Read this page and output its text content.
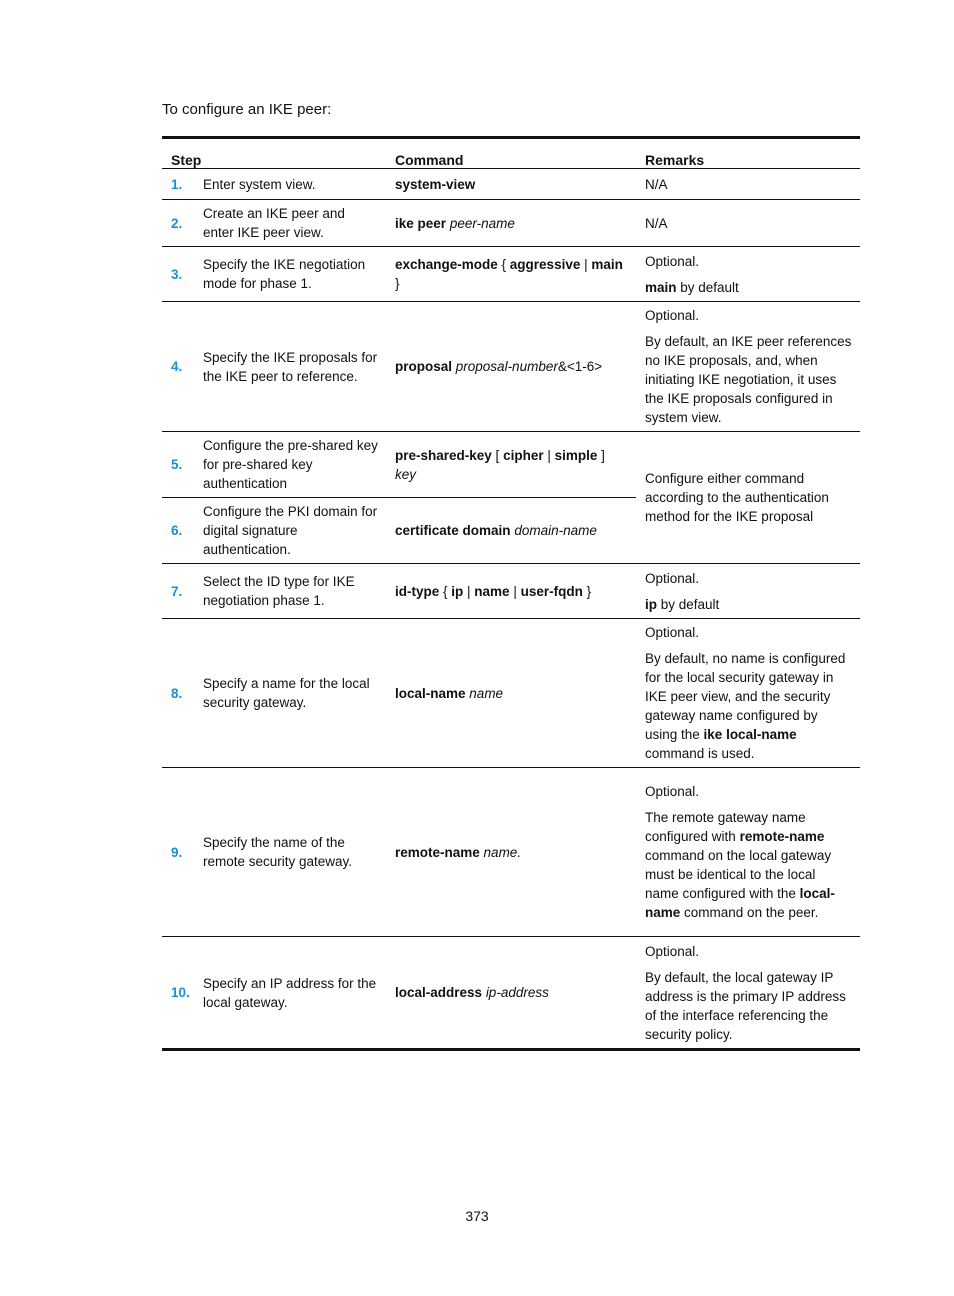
To configure an IKE peer:
Step		Command	Remarks
1.	Enter system view.	system-view	N/A

2.	Create an IKE peer and enter IKE peer view.	ike peer peer-name	N/A

3.	Specify the IKE negotiation mode for phase 1.	exchange-mode { aggressive | main }	Optional.

main by default

4.	Specify the IKE proposals for the IKE peer to reference.	proposal proposal-number&<1-6>	Optional.

By default, an IKE peer references no IKE proposals, and, when initiating IKE negotiation, it uses the IKE proposals configured in system view.

5.	Configure the pre-shared key for pre-shared key authentication	pre-shared-key [ cipher | simple ] key	Configure either command according to the authentication method for the IKE proposal

6.	Configure the PKI domain for digital signature authentication.	certificate domain domain-name	
7.	Select the ID type for IKE negotiation phase 1.	id-type { ip | name | user-fqdn }	Optional.

ip by default

8.	Specify a name for the local security gateway.	local-name name	Optional.

By default, no name is configured for the local security gateway in IKE peer view, and the security gateway name configured by using the ike local-name command is used.

9.	Specify the name of the remote security gateway.	remote-name name.	Optional.

The remote gateway name configured with remote-name command on the local gateway must be identical to the local name configured with the local-name command on the peer.

10.	Specify an IP address for the local gateway.	local-address ip-address	Optional.

By default, the local gateway IP address is the primary IP address of the interface referencing the security policy.

373
